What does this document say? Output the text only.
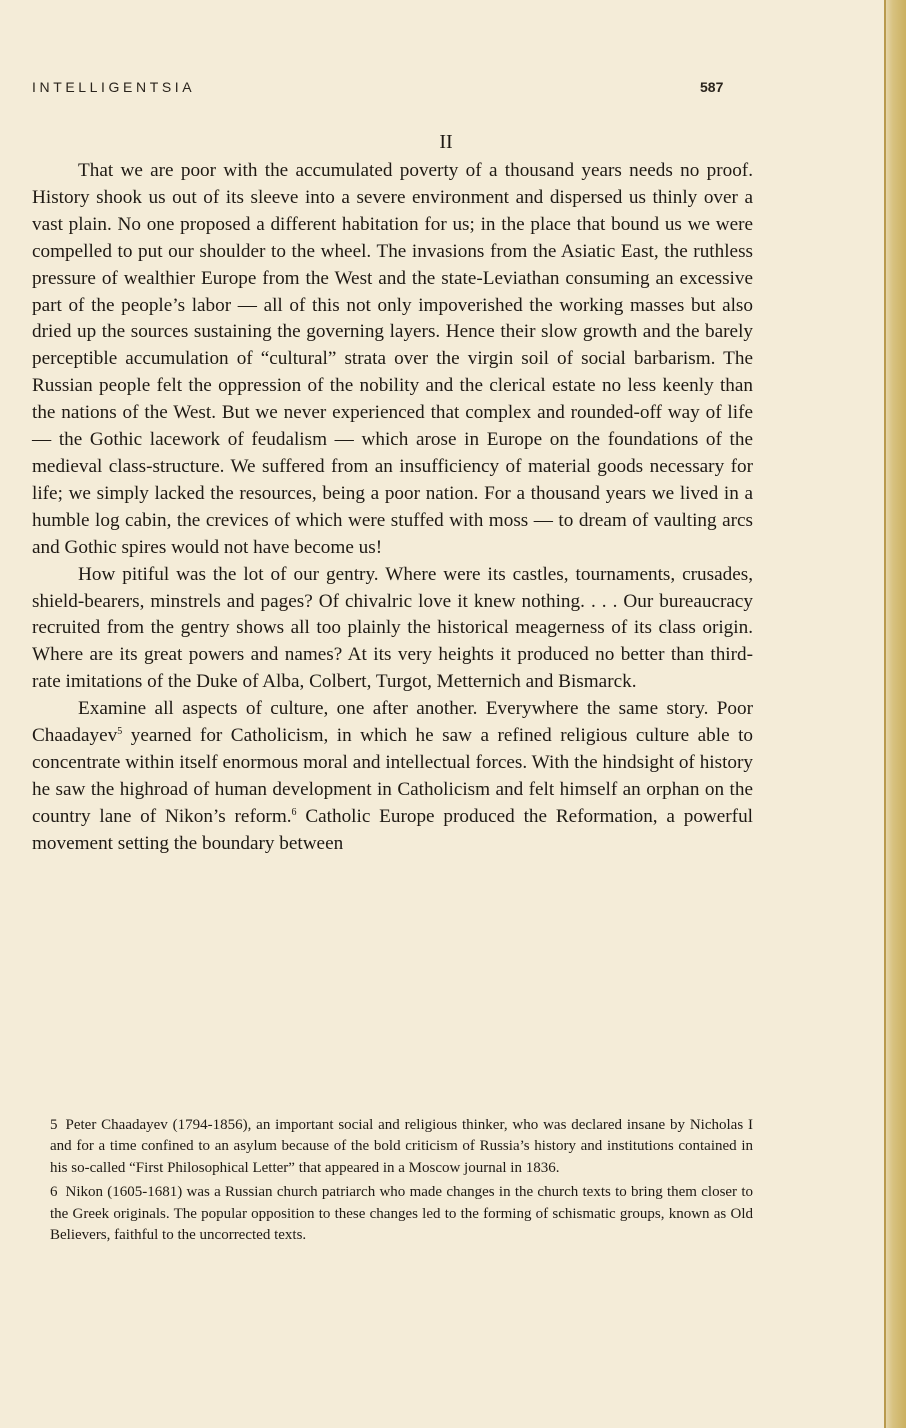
INTELLIGENTSIA	587
II

That we are poor with the accumulated poverty of a thousand years needs no proof. History shook us out of its sleeve into a severe environment and dispersed us thinly over a vast plain. No one proposed a different habitation for us; in the place that bound us we were compelled to put our shoulder to the wheel. The invasions from the Asiatic East, the ruthless pressure of wealthier Europe from the West and the state-Leviathan consuming an excessive part of the people’s labor — all of this not only impoverished the working masses but also dried up the sources sustaining the governing layers. Hence their slow growth and the barely perceptible accumulation of “cultural” strata over the virgin soil of social barbarism. The Russian people felt the oppression of the nobility and the clerical estate no less keenly than the nations of the West. But we never experienced that complex and rounded-off way of life — the Gothic lacework of feudalism — which arose in Europe on the foundations of the medieval class-structure. We suffered from an insufficiency of material goods necessary for life; we simply lacked the resources, being a poor nation. For a thousand years we lived in a humble log cabin, the crevices of which were stuffed with moss — to dream of vaulting arcs and Gothic spires would not have become us!

How pitiful was the lot of our gentry. Where were its castles, tournaments, crusades, shield-bearers, minstrels and pages? Of chivalric love it knew nothing. . . . Our bureaucracy recruited from the gentry shows all too plainly the historical meagerness of its class origin. Where are its great powers and names? At its very heights it produced no better than third-rate imitations of the Duke of Alba, Colbert, Turgot, Metternich and Bismarck.

Examine all aspects of culture, one after another. Everywhere the same story. Poor Chaadayev$^5$ yearned for Catholicism, in which he saw a refined religious culture able to concentrate within itself enormous moral and intellectual forces. With the hindsight of history he saw the highroad of human development in Catholicism and felt himself an orphan on the country lane of Nikon’s reform.$^6$ Catholic Europe produced the Reformation, a powerful movement setting the boundary between

5 Peter Chaadayev (1794-1856), an important social and religious thinker, who was declared insane by Nicholas I and for a time confined to an asylum because of the bold criticism of Russia’s history and institutions contained in his so-called “First Philosophical Letter” that appeared in a Moscow journal in 1836.

6 Nikon (1605-1681) was a Russian church patriarch who made changes in the church texts to bring them closer to the Greek originals. The popular opposition to these changes led to the forming of schismatic groups, known as Old Believers, faithful to the uncorrected texts.
